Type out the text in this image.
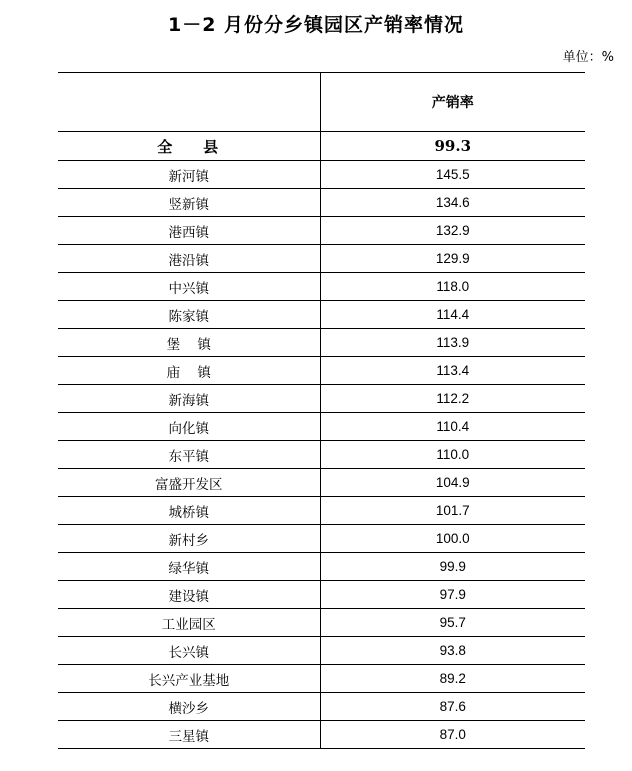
1－2 月份分乡镇园区产销率情况
单位：%
	产销率
全    县	99.3
新河镇	145.5
竖新镇	134.6
港西镇	132.9
港沿镇	129.9
中兴镇	118.0
陈家镇	114.4
堡    镇	113.9
庙    镇	113.4
新海镇	112.2
向化镇	110.4
东平镇	110.0
富盛开发区	104.9
城桥镇	101.7
新村乡	100.0
绿华镇	99.9
建设镇	97.9
工业园区	95.7
长兴镇	93.8
长兴产业基地	89.2
横沙乡	87.6
三星镇	87.0
